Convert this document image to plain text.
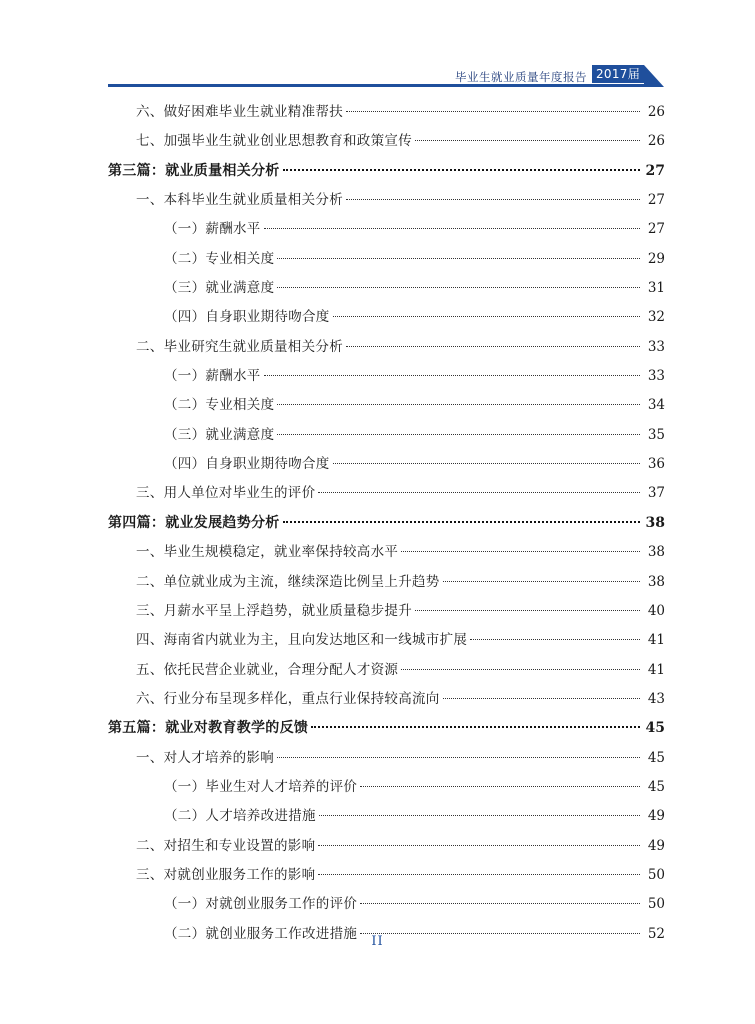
毕业生就业质量年度报告 2017届
六、做好困难毕业生就业精准帮扶	26
七、加强毕业生就业创业思想教育和政策宣传	26
第三篇：就业质量相关分析	27
一、本科毕业生就业质量相关分析	27
（一）薪酬水平	27
（二）专业相关度	29
（三）就业满意度	31
（四）自身职业期待吻合度	32
二、毕业研究生就业质量相关分析	33
（一）薪酬水平	33
（二）专业相关度	34
（三）就业满意度	35
（四）自身职业期待吻合度	36
三、用人单位对毕业生的评价	37
第四篇：就业发展趋势分析	38
一、毕业生规模稳定，就业率保持较高水平	38
二、单位就业成为主流，继续深造比例呈上升趋势	38
三、月薪水平呈上浮趋势，就业质量稳步提升	40
四、海南省内就业为主，且向发达地区和一线城市扩展	41
五、依托民营企业就业，合理分配人才资源	41
六、行业分布呈现多样化，重点行业保持较高流向	43
第五篇：就业对教育教学的反馈	45
一、对人才培养的影响	45
（一）毕业生对人才培养的评价	45
（二）人才培养改进措施	49
二、对招生和专业设置的影响	49
三、对就创业服务工作的影响	50
（一）对就创业服务工作的评价	50
（二）就创业服务工作改进措施	52
II
